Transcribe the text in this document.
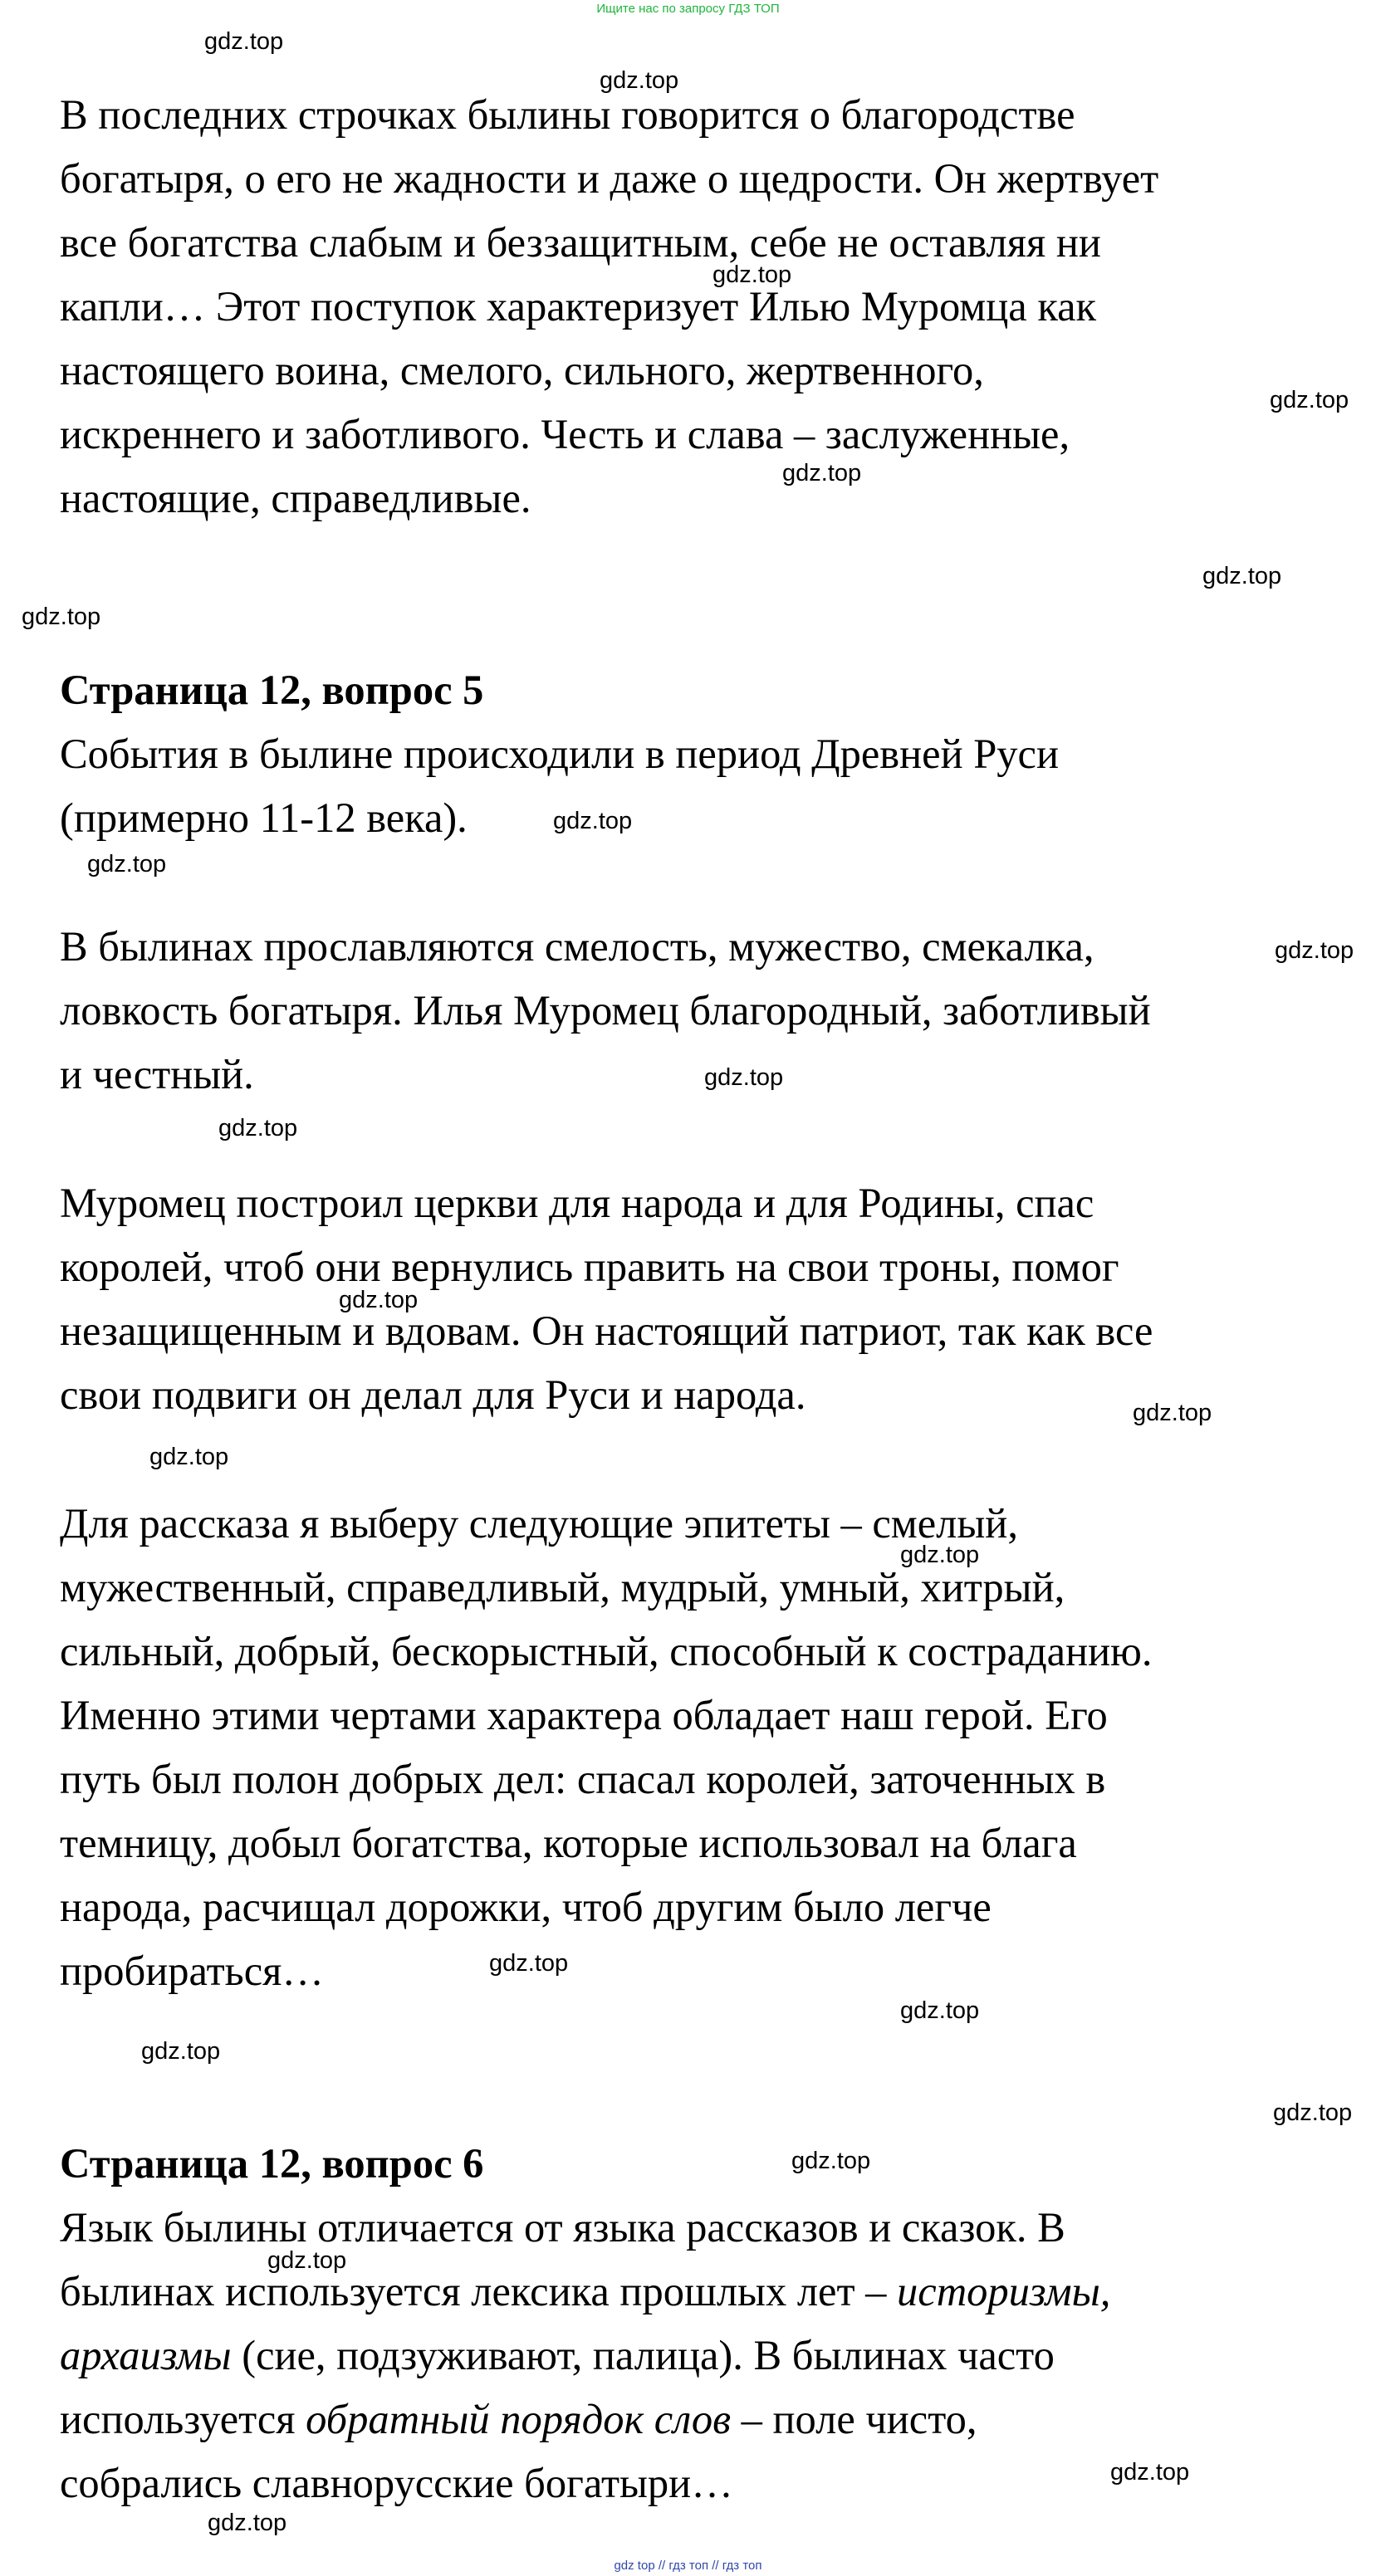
Ищите нас по запросу ГДЗ ТОП
В последних строчках былины говорится о благородстве
богатыря, о его не жадности и даже о щедрости. Он жертвует
все богатства слабым и беззащитным, себе не оставляя ни
капли… Этот поступок характеризует Илью Муромца как
настоящего воина, смелого, сильного, жертвенного,
искреннего и заботливого. Честь и слава – заслуженные,
настоящие, справедливые.
Страница 12, вопрос 5
События в былине происходили в период Древней Руси
(примерно 11-12 века).
В былинах прославляются смелость, мужество, смекалка,
ловкость богатыря. Илья Муромец благородный, заботливый
и честный.
Муромец построил церкви для народа и для Родины, спас
королей, чтоб они вернулись править на свои троны, помог
незащищенным и вдовам. Он настоящий патриот, так как все
свои подвиги он делал для Руси и народа.
Для рассказа я выберу следующие эпитеты – смелый,
мужественный, справедливый, мудрый, умный, хитрый,
сильный, добрый, бескорыстный, способный к состраданию.
Именно этими чертами характера обладает наш герой. Его
путь был полон добрых дел: спасал королей, заточенных в
темницу, добыл богатства, которые использовал на блага
народа, расчищал дорожки, чтоб другим было легче
пробираться…
Страница 12, вопрос 6
Язык былины отличается от языка рассказов и сказок. В
былинах используется лексика прошлых лет – историзмы,
архаизмы (сие, подзуживают, палица). В былинах часто
используется обратный порядок слов – поле чисто,
собрались славнорусские богатыри…
gdz.top
gdz.top
gdz.top
gdz.top
gdz.top
gdz.top
gdz.top
gdz.top
gdz.top
gdz.top
gdz.top
gdz.top
gdz.top
gdz.top
gdz.top
gdz.top
gdz.top
gdz.top
gdz.top
gdz.top
gdz.top
gdz.top
gdz.top
gdz.top
gdz top // гдз топ // гдз топ
